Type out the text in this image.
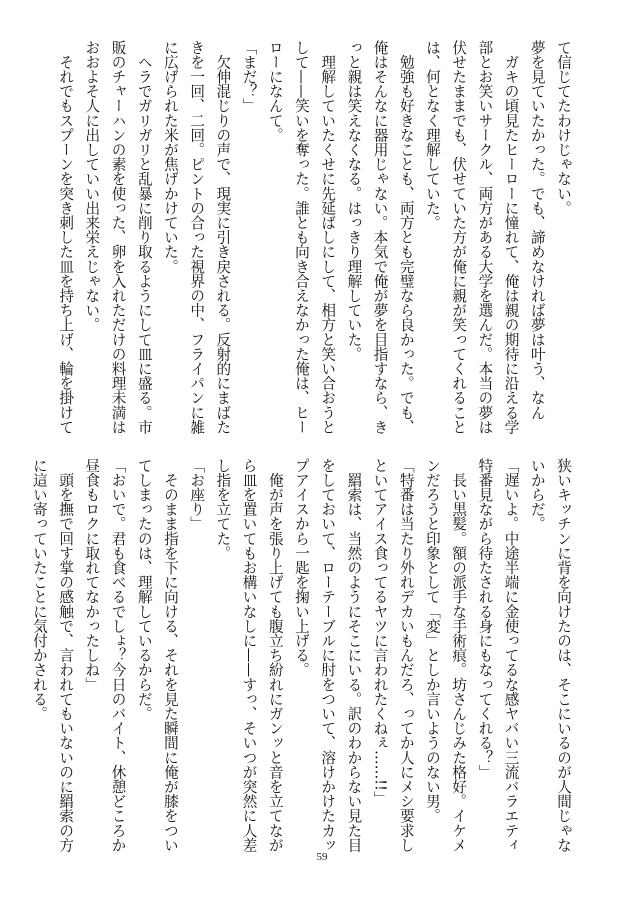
て信じてたわけじゃない。
夢を見ていたかった。でも、諦めなければ夢は叶う、なん
　ガキの頃見たヒーローに憧れて、俺は親の期待に沿える学
部とお笑いサークル、両方がある大学を選んだ。本当の夢は
伏せたままでも、伏せていた方が俺に親が笑ってくれること
は、何となく理解していた。
　勉強も好きなことも、両方とも完璧なら良かった。でも、
俺はそんなに器用じゃない。本気で俺が夢を目指すなら、き
っと親は笑えなくなる。はっきり理解していた。
　理解していたくせに先延ばしにして、相方と笑い合おうと
して——笑いを奪った。誰とも向き合えなかった俺は、ヒー
ローになんて。
「まだ？」
　欠伸混じりの声で、現実に引き戻される。反射的にまばた
きを一回、二回。ピントの合った視界の中、フライパンに雑
に広げられた米が焦げかけていた。
　ヘラでガリガリと乱暴に削り取るようにして皿に盛る。市
販のチャーハンの素を使った、卵を入れただけの料理未満は
おおよそ人に出していい出来栄えじゃない。
　それでもスプーンを突き刺した皿を持ち上げ、輪を掛けて
狭いキッチンに背を向けたのは、そこにいるのが人間じゃな
いからだ。
「遅いよ。中途半端に金使ってるな感ヤバい三流バラエティ
特番見ながら待たされる身にもなってくれる？」
　長い黒髪。額の派手な手術痕。坊さんじみた格好。イケメ
ンだろうと印象として「変」としか言いようのない男。
「特番は当たり外れデカいもんだろ、ってか人にメシ要求し
といてアイス食ってるヤツに言われたくねぇ……!!」
　羂索は、当然のようにそこにいる。訳のわからない見た目
をしておいて、ローテーブルに肘をついて、溶けかけたカッ
プアイスから一匙を掬い上げる。
　俺が声を張り上げても腹立ち紛れにガンッと音を立てなが
ら皿を置いてもお構いなしに——すっ、そいつが突然に人差
し指を立てた。
「お座り」
　そのまま指を下に向ける、それを見た瞬間に俺が膝をつい
てしまったのは、理解しているからだ。
「おいで。君も食べるでしょ？今日のバイト、休憩どころか
昼食もロクに取れてなかったしね」
　頭を撫で回す掌の感触で、言われてもいないのに羂索の方
に這い寄っていたことに気付かされる。
59
